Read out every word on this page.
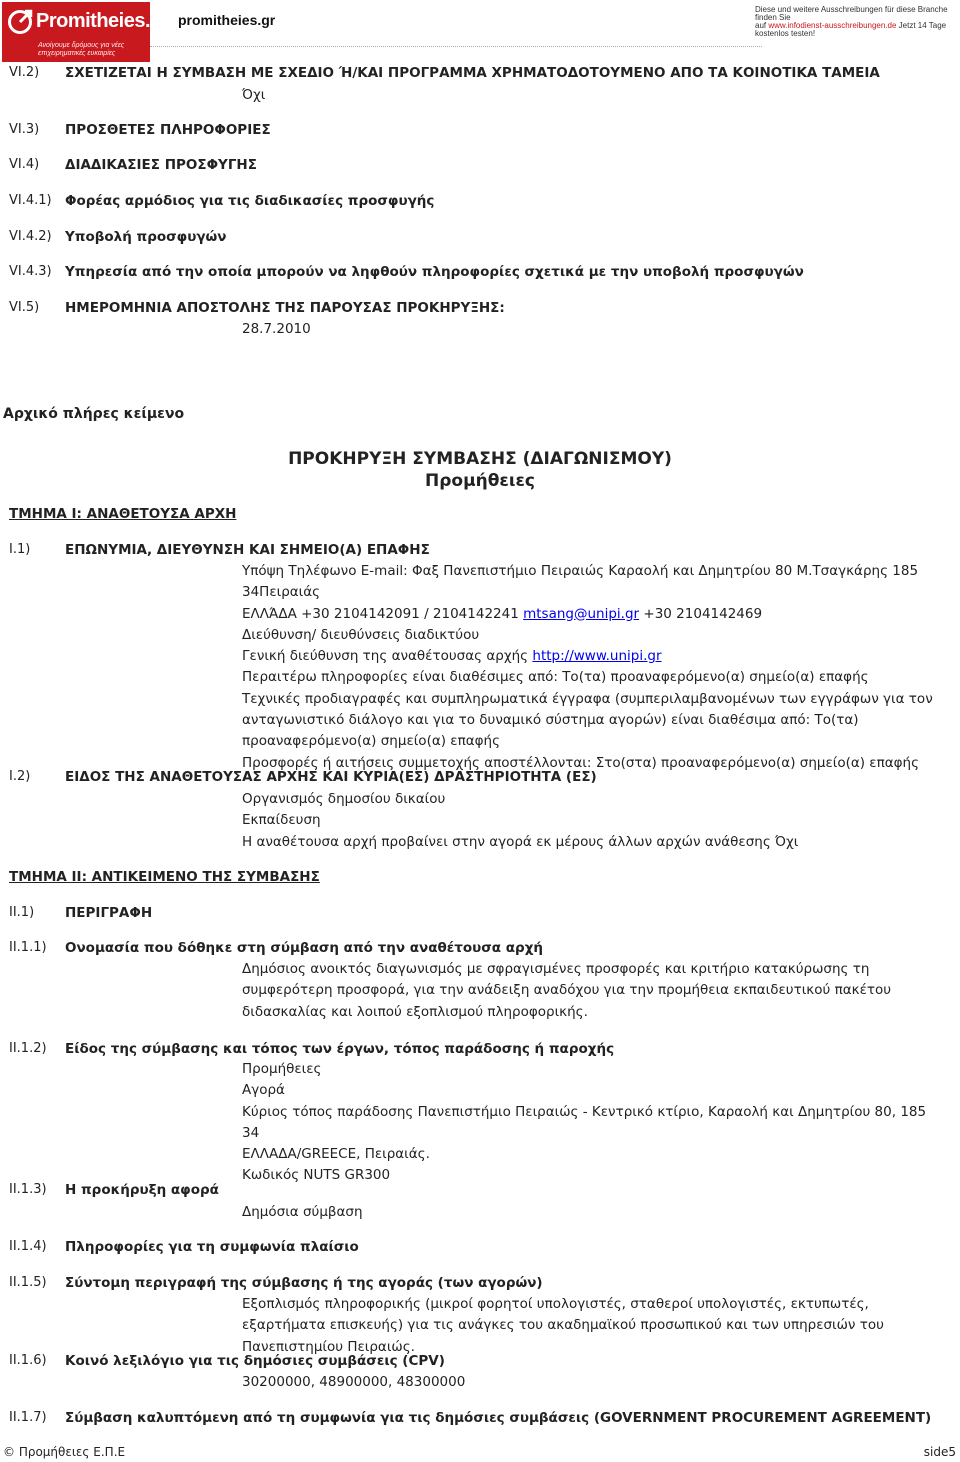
Promitheies.gr
Ανοίγουμε δρόμους για νέες επιχειρηματικές ευκαιρίες
promitheies.gr
Diese und weitere Ausschreibungen für diese Branche finden Sie
auf www.infodienst-ausschreibungen.de Jetzt 14 Tage
kostenlos testen!
VI.2) ΣΧΕΤΙΖΕΤΑΙ Η ΣΥΜΒΑΣΗ ΜΕ ΣΧΕΔΙΟ Ή/ΚΑΙ ΠΡΟΓΡΑΜΜΑ ΧΡΗΜΑΤΟΔΟΤΟΥΜΕΝΟ ΑΠΟ ΤΑ ΚΟΙΝΟΤΙΚΑ ΤΑΜΕΙΑ
Όχι
VI.3) ΠΡΟΣΘΕΤΕΣ ΠΛΗΡΟΦΟΡΙΕΣ
VI.4) ΔΙΑΔΙΚΑΣΙΕΣ ΠΡΟΣΦΥΓΗΣ
VI.4.1) Φορέας αρμόδιος για τις διαδικασίες προσφυγής
VI.4.2) Υποβολή προσφυγών
VI.4.3) Υπηρεσία από την οποία μπορούν να ληφθούν πληροφορίες σχετικά με την υποβολή προσφυγών
VI.5) ΗΜΕΡΟΜΗΝΙΑ ΑΠΟΣΤΟΛΗΣ ΤΗΣ ΠΑΡΟΥΣΑΣ ΠΡΟΚΗΡΥΞΗΣ:
28.7.2010
Αρχικό πλήρες κείμενο
ΠΡΟΚΗΡΥΞΗ ΣΥΜΒΑΣΗΣ (ΔΙΑΓΩΝΙΣΜΟΥ)
Προμήθειες
ΤΜΗΜΑ Ι: ΑΝΑΘΕΤΟΥΣΑ ΑΡΧΗ
Ι.1)	ΕΠΩΝΥΜΙΑ, ΔΙΕΥΘΥΝΣΗ ΚΑΙ ΣΗΜΕΙΟ(Α) ΕΠΑΦΗΣ
Υπόψη Τηλέφωνο E-mail: Φαξ Πανεπιστήμιο Πειραιώς Καραολή και Δημητρίου 80 Μ.Τσαγκάρης 185 34Πειραιάς
ΕΛΛΆΔΑ +30 2104142091 / 2104142241 mtsang@unipi.gr +30 2104142469
Διεύθυνση/ διευθύνσεις διαδικτύου
Γενική διεύθυνση της αναθέτουσας αρχής http://www.unipi.gr
Περαιτέρω πληροφορίες είναι διαθέσιμες από: Το(τα) προαναφερόμενο(α) σημείο(α) επαφής
Τεχνικές προδιαγραφές και συμπληρωματικά έγγραφα (συμπεριλαμβανομένων των εγγράφων για τον ανταγωνιστικό διάλογο και για το δυναμικό σύστημα αγορών) είναι διαθέσιμα από: Το(τα) προαναφερόμενο(α) σημείο(α) επαφής
Προσφορές ή αιτήσεις συμμετοχής αποστέλλονται: Στο(στα) προαναφερόμενο(α) σημείο(α) επαφής
Ι.2)	ΕΙΔΟΣ ΤΗΣ ΑΝΑΘΕΤΟΥΣΑΣ ΑΡΧΗΣ ΚΑΙ ΚΥΡΙΑ(ΕΣ) ΔΡΑΣΤΗΡΙΟΤΗΤΑ (ΕΣ)
Οργανισμός δημοσίου δικαίου
Εκπαίδευση
Η αναθέτουσα αρχή προβαίνει στην αγορά εκ μέρους άλλων αρχών ανάθεσης Όχι
ΤΜΗΜΑ ΙΙ: ΑΝΤΙΚΕΙΜΕΝΟ ΤΗΣ ΣΥΜΒΑΣΗΣ
ΙΙ.1) ΠΕΡΙΓΡΑΦΗ
ΙΙ.1.1) Ονομασία που δόθηκε στη σύμβαση από την αναθέτουσα αρχή
Δημόσιος ανοικτός διαγωνισμός με σφραγισμένες προσφορές και κριτήριο κατακύρωσης τη συμφερότερη προσφορά, για την ανάδειξη αναδόχου για την προμήθεια εκπαιδευτικού πακέτου διδασκαλίας και λοιπού εξοπλισμού πληροφορικής.
ΙΙ.1.2) Είδος της σύμβασης και τόπος των έργων, τόπος παράδοσης ή παροχής
Προμήθειες
Αγορά
Κύριος τόπος παράδοσης Πανεπιστήμιο Πειραιώς - Κεντρικό κτίριο, Καραολή και Δημητρίου 80, 185 34
ΕΛΛΑΔΑ/GREECE, Πειραιάς.
Κωδικός NUTS GR300
ΙΙ.1.3) Η προκήρυξη αφορά
Δημόσια σύμβαση
ΙΙ.1.4) Πληροφορίες για τη συμφωνία πλαίσιο
ΙΙ.1.5) Σύντομη περιγραφή της σύμβασης ή της αγοράς (των αγορών)
Εξοπλισμός πληροφορικής (μικροί φορητοί υπολογιστές, σταθεροί υπολογιστές, εκτυπωτές, εξαρτήματα επισκευής) για τις ανάγκες του ακαδημαϊκού προσωπικού και των υπηρεσιών του Πανεπιστημίου Πειραιώς.
ΙΙ.1.6) Κοινό λεξιλόγιο για τις δημόσιες συμβάσεις (CPV)
30200000, 48900000, 48300000
ΙΙ.1.7) Σύμβαση καλυπτόμενη από τη συμφωνία για τις δημόσιες συμβάσεις (GOVERNMENT PROCUREMENT AGREEMENT)
© Προμήθειες Ε.Π.Ε	side5
